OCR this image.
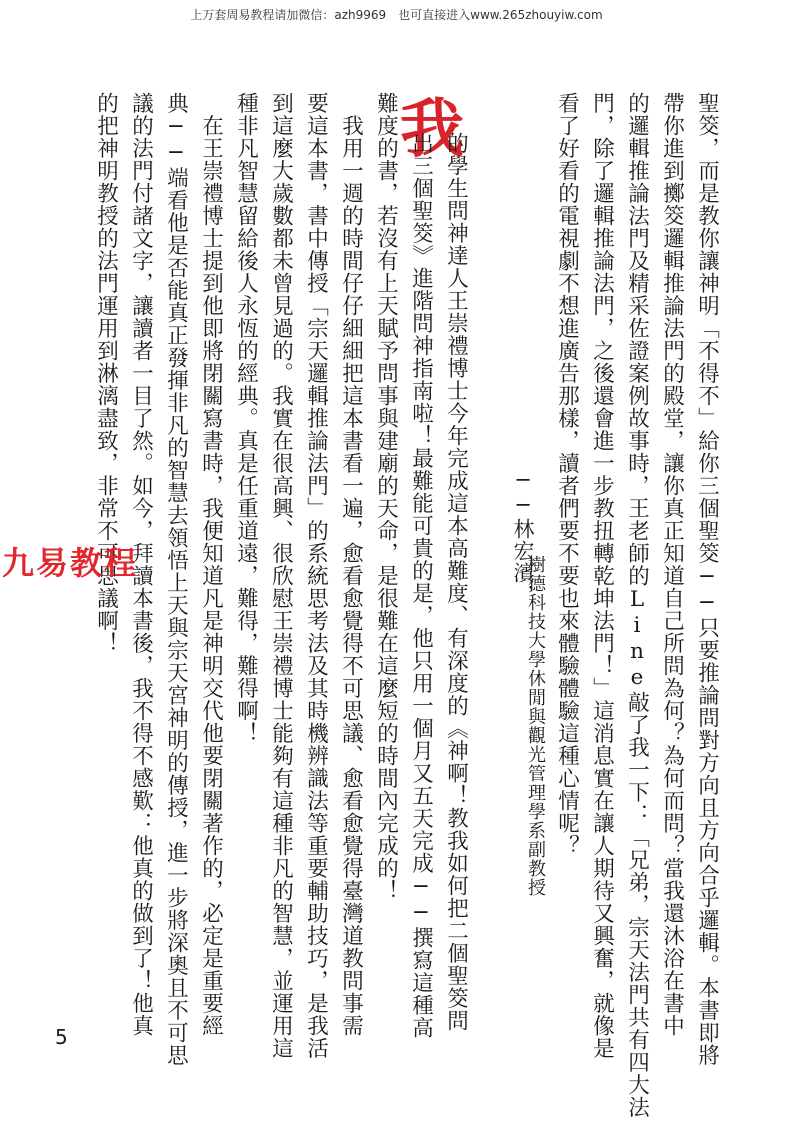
上万套周易教程请加微信：azh9969　也可直接进入www.265zhouyiw.com
聖筊，而是教你讓神明「不得不」給你三個聖筊──只要推論問對方向且方向合乎邏輯。本書即將
帶你進到擲筊邏輯推論法門的殿堂，讓你真正知道自己所問為何？為何而問？當我還沐浴在書中
的邏輯推論法門及精采佐證案例故事時，王老師的Line敲了我一下：「兄弟，宗天法門共有四大法
門，除了邏輯推論法門，之後還會進一步教扭轉乾坤法門！」這消息實在讓人期待又興奮，就像是
看了好看的電視劇不想進廣告那樣，讀者們要不要也來體驗體驗這種心情呢？
──林宏濱，
樹德科技大學休閒與觀光管理學系副教授
我
的學生問神達人王崇禮博士今年完成這本高難度、有深度的《神啊！教我如何把二個聖筊問
出三個聖筊》進階問神指南啦！最難能可貴的是，他只用一個月又五天完成──撰寫這種高
難度的書，若沒有上天賦予問事與建廟的天命，是很難在這麼短的時間內完成的！
　我用一週的時間仔仔細細把這本書看一遍，愈看愈覺得不可思議、愈看愈覺得臺灣道教問事需
要這本書，書中傳授「宗天邏輯推論法門」的系統思考法及其時機辨識法等重要輔助技巧，是我活
到這麼大歲數都未曾見過的。我實在很高興、很欣慰王崇禮博士能夠有這種非凡的智慧，並運用這
種非凡智慧留給後人永恆的經典。真是任重道遠，難得，難得啊！
　在王崇禮博士提到他即將閉關寫書時，我便知道凡是神明交代他要閉關著作的，必定是重要經
典──端看他是否能真正發揮非凡的智慧去領悟上天與宗天宮神明的傳授，進一步將深奧且不可思
議的法門付諸文字，讓讀者一目了然。如今，拜讀本書後，我不得不感歎：他真的做到了！他真
的把神明教授的法門運用到淋漓盡致，非常不可思議啊！
九易教程
5
